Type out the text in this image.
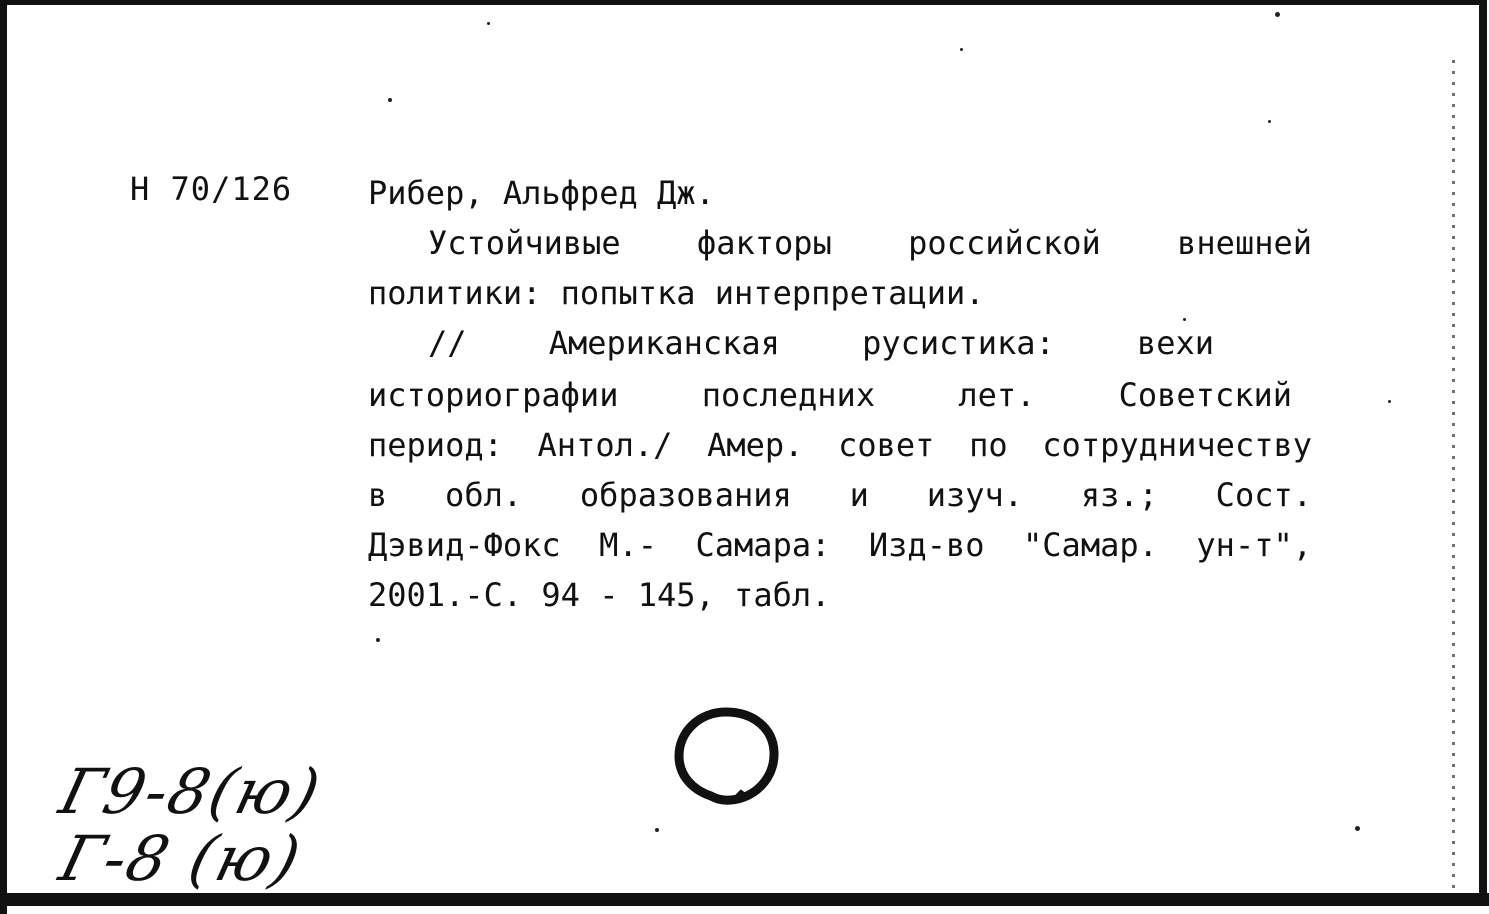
Н 70/126 Рибер, Альфред Дж.
Устойчивые факторы российской внешней
политики: попытка интерпретации.
// Американская русистика: вехи
историографии последних лет. Советский
период: Антол./ Амер. совет по сотрудничеству
в обл. образования и изуч. яз.; Сост.
Дэвид-Фокс М.- Самара: Изд-во "Самар. ун-т",
2001.-С. 94 - 145, табл.
Г9-8(ю)
Г-8 (ю)
